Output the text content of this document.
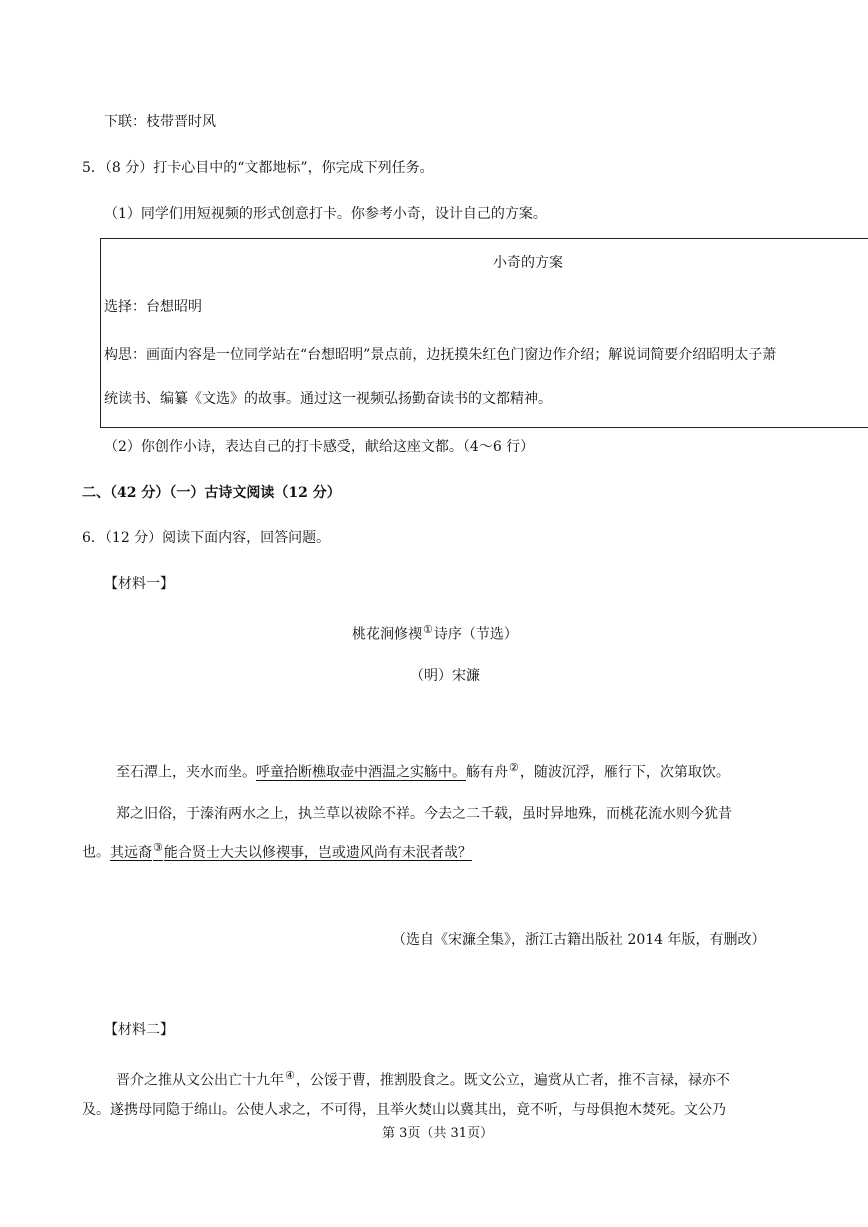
下联：枝带晋时风
5．（8 分）打卡心目中的“文都地标”，你完成下列任务。
（1）同学们用短视频的形式创意打卡。你参考小奇，设计自己的方案。
小奇的方案
选择：台想昭明
构思：画面内容是一位同学站在“台想昭明”景点前，边抚摸朱红色门窗边作介绍；解说词简要介绍昭明太子萧
统读书、编纂《文选》的故事。通过这一视频弘扬勤奋读书的文都精神。
（2）你创作小诗，表达自己的打卡感受，献给这座文都。（4～6 行）
二、（42 分）（一）古诗文阅读（12 分）
6．（12 分）阅读下面内容，回答问题。
【材料一】
桃花涧修禊①诗序（节选）
（明）宋濂
至石潭上，夹水而坐。呼童拾断樵取壶中酒温之实觞中。觞有舟②，随波沉浮，雁行下，次第取饮。
郑之旧俗，于溱洧两水之上，执兰草以祓除不祥。今去之二千载，虽时异地殊，而桃花流水则今犹昔
也。其远裔③能合贤士大夫以修禊事，岂或遗风尚有未泯者哉？
（选自《宋濂全集》，浙江古籍出版社 2014 年版，有删改）
【材料二】
晋介之推从文公出亡十九年④，公馁于曹，推割股食之。既文公立，遍赏从亡者，推不言禄，禄亦不
及。遂携母同隐于绵山。公使人求之，不可得，且举火焚山以冀其出，竟不听，与母俱抱木焚死。文公乃
第 3页（共 31页）
